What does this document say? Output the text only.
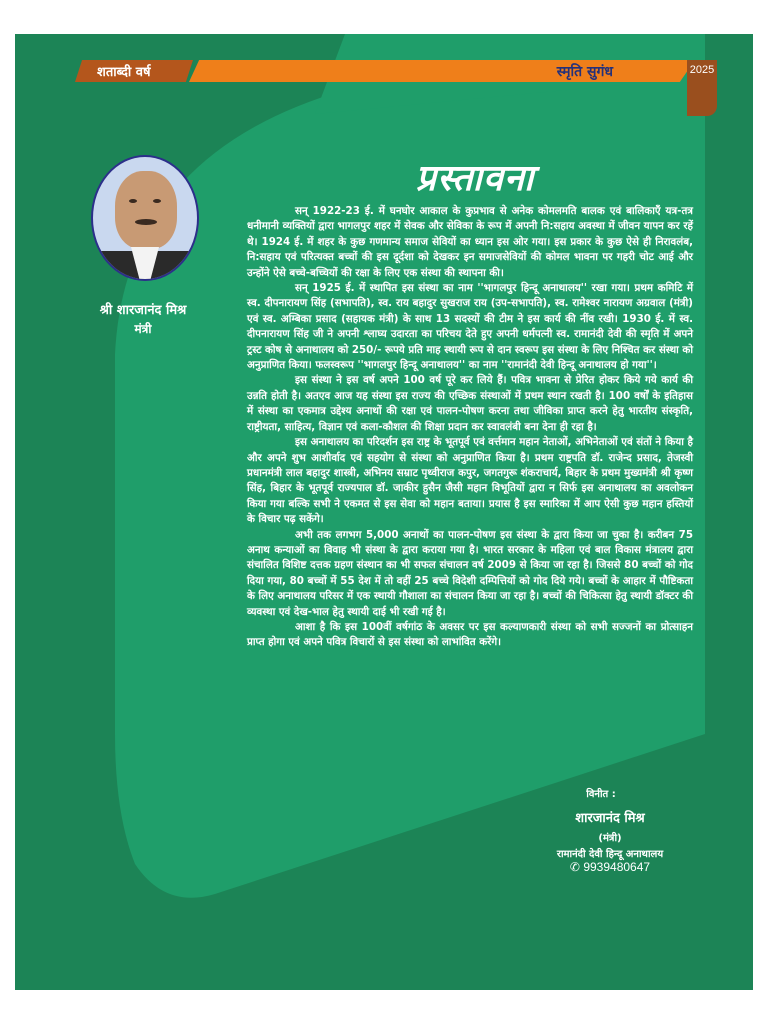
शताब्दी वर्ष	स्मृति सुगंध	2025
श्री शारजानंद मिश्र
मंत्री
प्रस्तावना

सन् 1922-23 ई. में घनघोर आकाल के कुप्रभाव से अनेक कोमलमति बालक एवं बालिकाएँ यत्र-तत्र धनीमानी व्यक्तियों द्वारा भागलपुर शहर में सेवक और सेविका के रूप में अपनी नि:सहाय अवस्था में जीवन यापन कर रहें थे। 1924 ई. में शहर के कुछ गणमान्य समाज सेवियों का ध्यान इस ओर गया। इस प्रकार के कुछ ऐसे ही निरावलंब, नि:सहाय एवं परित्यक्त बच्चों की इस दूर्दशा को देखकर इन समाजसेवियों की कोमल भावना पर गहरी चोट आई और उन्होंने ऐसे बच्चे-बच्चियों की रक्षा के लिए एक संस्था की स्थापना की।

सन् 1925 ई. में स्थापित इस संस्था का नाम ''भागलपुर हिन्दू अनाथालय'' रखा गया। प्रथम कमिटि में स्व. दीपनारायण सिंह (सभापति), स्व. राय बहादुर सुखराज राय (उप-सभापति), स्व. रामेश्वर नारायण अग्रवाल (मंत्री) एवं स्व. अम्बिका प्रसाद (सहायक मंत्री) के साथ 13 सदस्यों की टीम ने इस कार्य की नींव रखी। 1930 ई. में स्व. दीपनारायण सिंह जी ने अपनी श्लाघ्य उदारता का परिचय देते हुए अपनी धर्मपत्नी स्व. रामानंदी देवी की स्मृति में अपने ट्रस्ट कोष से अनाथालय को 250/- रूपये प्रति माह स्थायी रूप से दान स्वरूप इस संस्था के लिए निश्चित कर संस्था को अनुप्राणित किया। फलस्वरूप ''भागलपुर हिन्दू अनाथालय'' का नाम ''रामानंदी देवी हिन्दू अनाथालय हो गया''।

इस संस्था ने इस वर्ष अपने 100 वर्ष पूरे कर लिये हैं। पवित्र भावना से प्रेरित होकर किये गये कार्य की उन्नति होती है। अतएव आज यह संस्था इस राज्य की एच्छिक संस्थाओं में प्रथम स्थान रखती है। 100 वर्षों के इतिहास में संस्था का एकमात्र उद्देश्य अनाथों की रक्षा एवं पालन-पोषण करना तथा जीविका प्राप्त करने हेतु भारतीय संस्कृति, राष्ट्रीयता, साहित्य, विज्ञान एवं कला-कौशल की शिक्षा प्रदान कर स्वावलंबी बना देना ही रहा है।

इस अनाथालय का परिदर्शन इस राष्ट्र के भूतपूर्व एवं वर्त्तमान महान नेताओं, अभिनेताओं एवं संतों ने किया है और अपने शुभ आशीर्वाद एवं सहयोग से संस्था को अनुप्राणित किया है। प्रथम राष्ट्रपति डॉ. राजेन्द प्रसाद, तेजस्वी प्रधानमंत्री लाल बहादुर शास्त्री, अभिनय सम्राट पृथ्वीराज कपुर, जगतगुरू शंकराचार्य, बिहार के प्रथम मुख्यमंत्री श्री कृष्ण सिंह, बिहार के भूतपूर्व राज्यपाल डॉ. जाकीर हुसैन जैसी महान विभूतियों द्वारा न सिर्फ इस अनाथालय का अवलोकन किया गया बल्कि सभी ने एकमत से इस सेवा को महान बताया। प्रयास है इस स्मारिका में आप ऐसी कुछ महान हस्तियों के विचार पढ़ सकेंगे।

अभी तक लगभग 5,000 अनाथों का पालन-पोषण इस संस्था के द्वारा किया जा चुका है। करीबन 75 अनाथ कन्याओं का विवाह भी संस्था के द्वारा कराया गया है। भारत सरकार के महिला एवं बाल विकास मंत्रालय द्वारा संचालित विशिष्ट दत्तक ग्रहण संस्थान का भी सफल संचालन वर्ष 2009 से किया जा रहा है। जिससे 80 बच्चों को गोद दिया गया, 80 बच्चों में 55 देश में तो वहीं 25 बच्चे विदेशी दम्पित्तियों को गोद दिये गये। बच्चों के आहार में पौष्टिकता के लिए अनाथालय परिसर में एक स्थायी गौशाला का संचालन किया जा रहा है। बच्चों की चिकित्सा हेतु स्थायी डॉक्टर की व्यवस्था एवं देख-भाल हेतु स्थायी दाई भी रखी गई है।

आशा है कि इस 100वीं वर्षगांठ के अवसर पर इस कल्याणकारी संस्था को सभी सज्जनों का प्रोत्साहन प्राप्त होगा एवं अपने पवित्र विचारों से इस संस्था को लाभांवित करेंगे।

विनीत :
शारजानंद मिश्र
(मंत्री)
रामानंदी देवी हिन्दू अनाथालय
✆ 9939480647
